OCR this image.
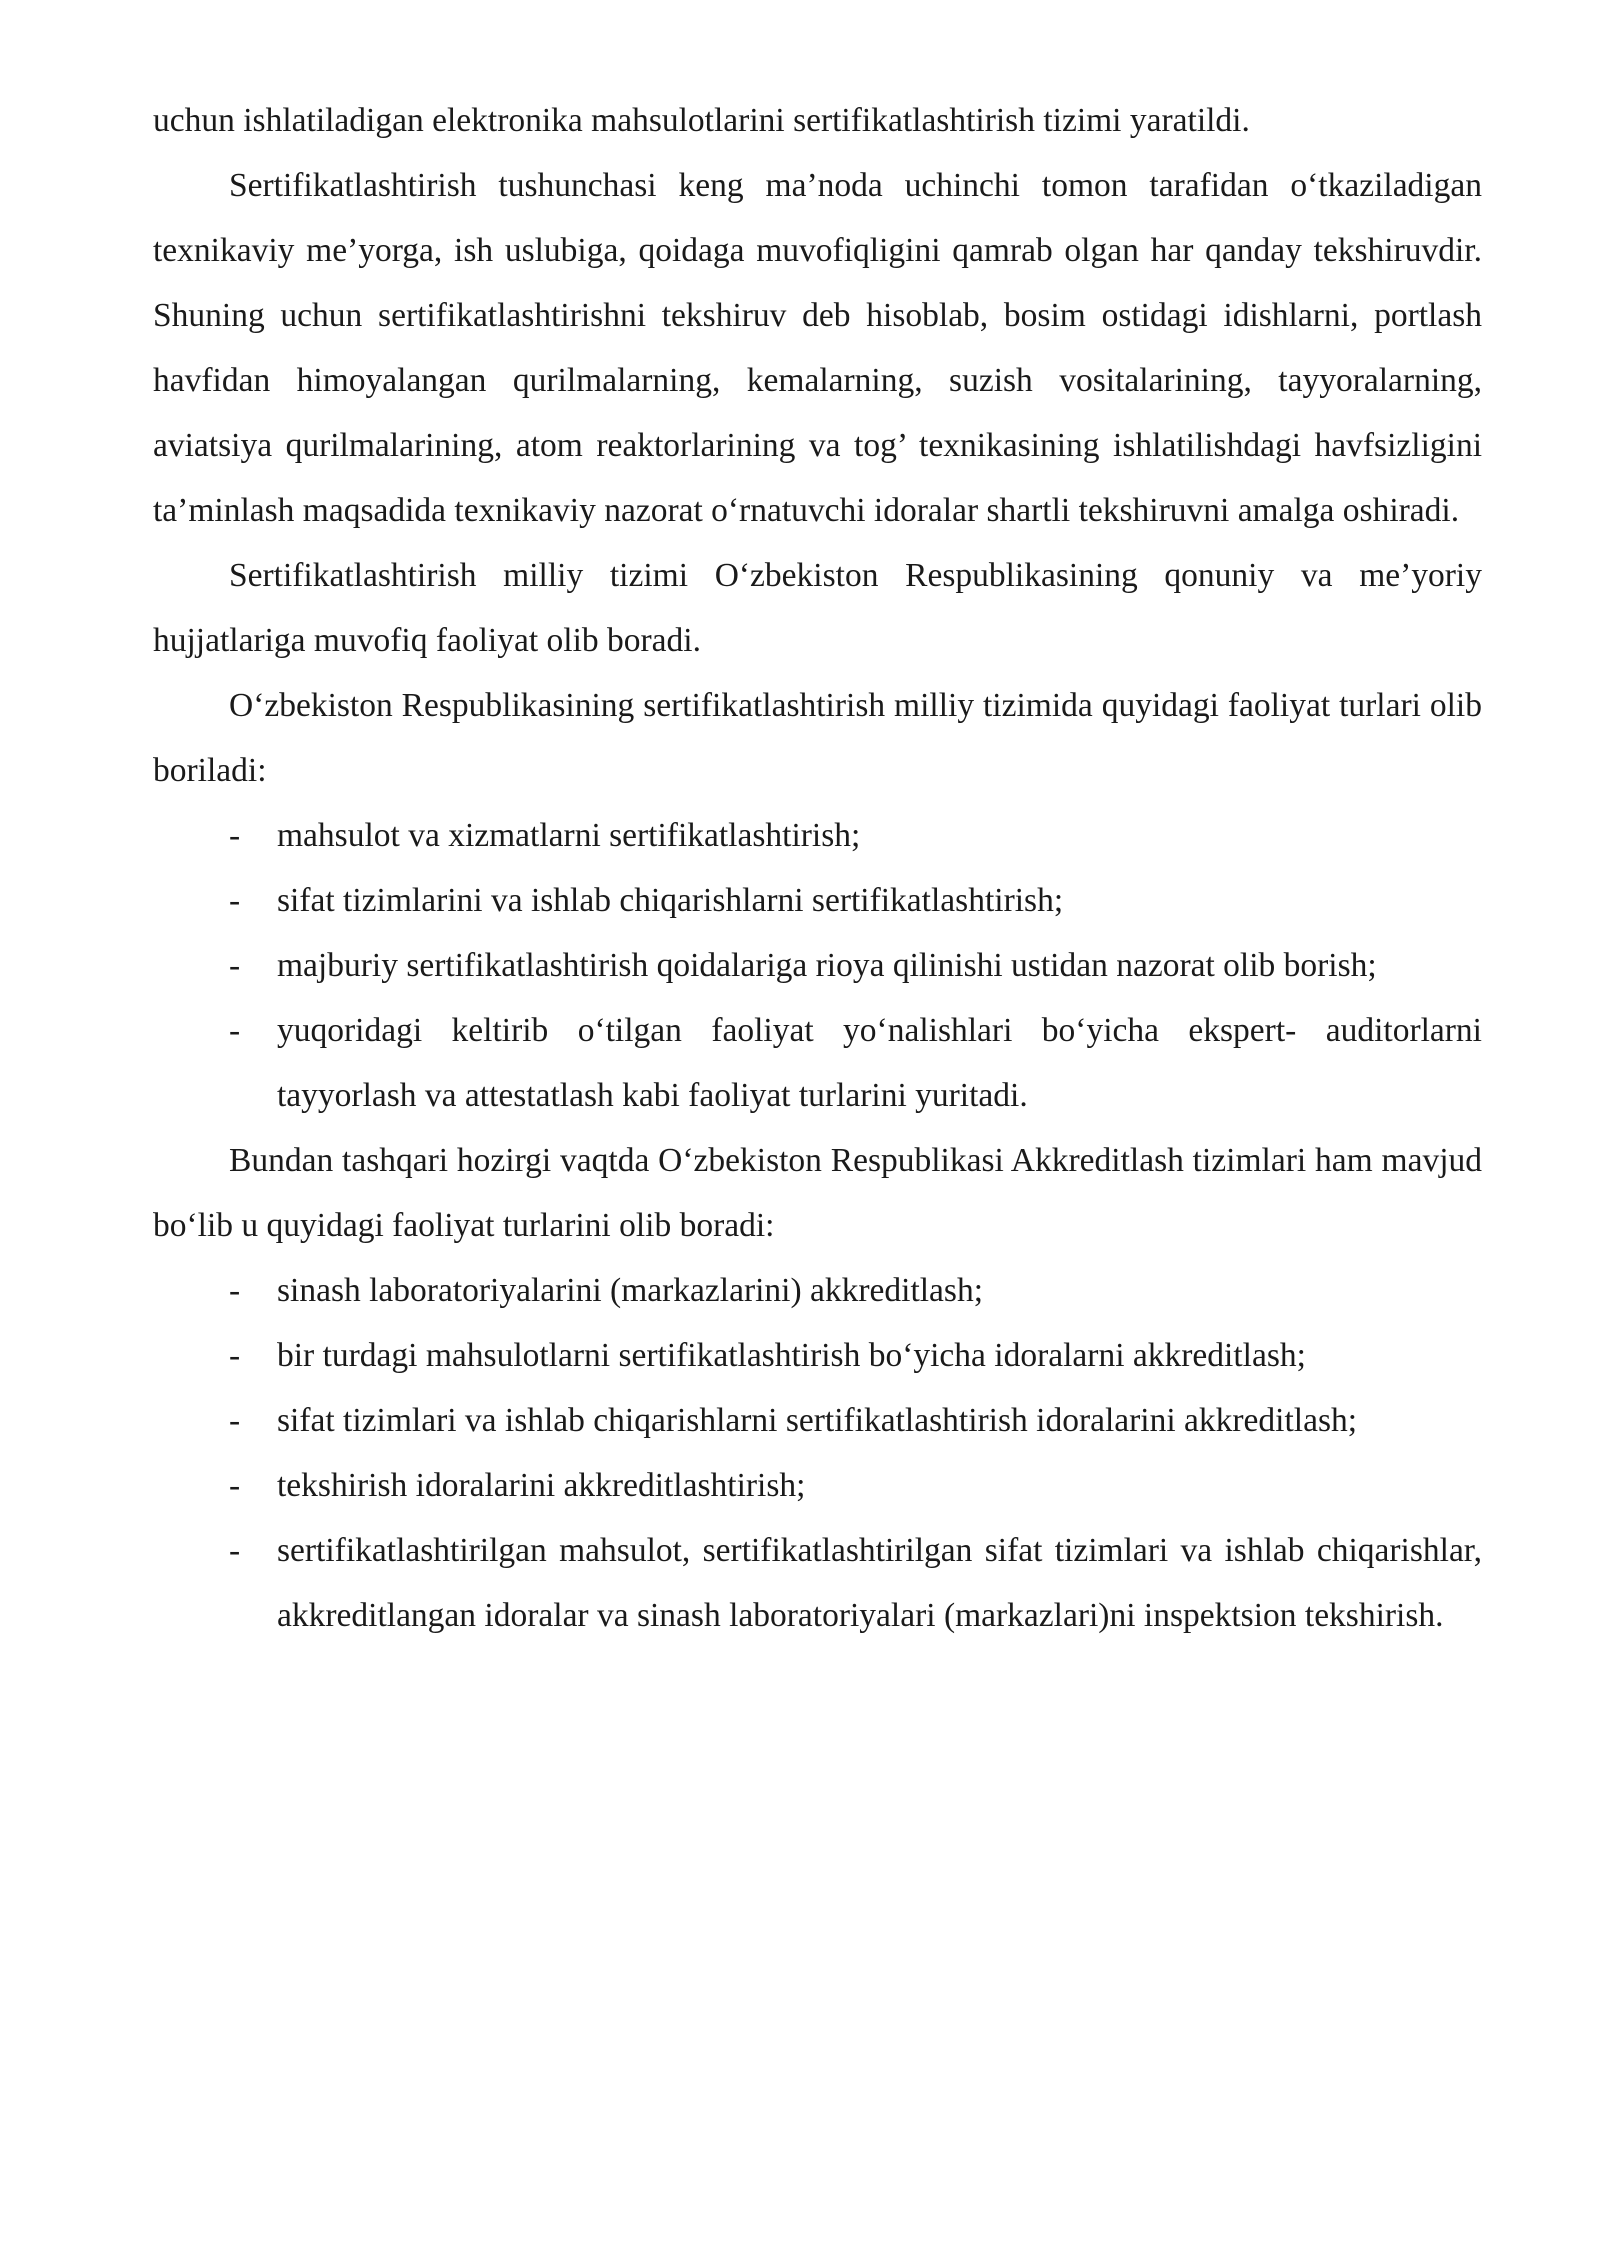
uchun ishlatiladigan elektronika mahsulotlarini sertifikatlashtirish tizimi yaratildi.

Sertifikatlashtirish tushunchasi keng ma’noda uchinchi tomon tarafidan o‘tkaziladigan texnikaviy me’yorga, ish uslubiga, qoidaga muvofiqligini qamrab olgan har qanday tekshiruvdir. Shuning uchun sertifikatlashtirishni tekshiruv deb hisoblab, bosim ostidagi idishlarni, portlash havfidan himoyalangan qurilmalarning, kemalarning, suzish vositalarining, tayyoralarning, aviatsiya qurilmalarining, atom reaktorlarining va tog’ texnikasining ishlatilishdagi havfsizligini ta’minlash maqsadida texnikaviy nazorat o‘rnatuvchi idoralar shartli tekshiruvni amalga oshiradi.

Sertifikatlashtirish milliy tizimi O‘zbekiston Respublikasining qonuniy va me’yoriy hujjatlariga muvofiq faoliyat olib boradi.

O‘zbekiston Respublikasining sertifikatlashtirish milliy tizimida quyidagi faoliyat turlari olib boriladi:

- mahsulot va xizmatlarni sertifikatlashtirish;
- sifat tizimlarini va ishlab chiqarishlarni sertifikatlashtirish;
- majburiy sertifikatlashtirish qoidalariga rioya qilinishi ustidan nazorat olib borish;
- yuqoridagi keltirib o‘tilgan faoliyat yo‘nalishlari bo‘yicha ekspert- auditorlarni tayyorlash va attestatlash kabi faoliyat turlarini yuritadi.

Bundan tashqari hozirgi vaqtda O‘zbekiston Respublikasi Akkreditlash tizimlari ham mavjud bo‘lib u quyidagi faoliyat turlarini olib boradi:

- sinash laboratoriyalarini (markazlarini) akkreditlash;
- bir turdagi mahsulotlarni sertifikatlashtirish bo‘yicha idoralarni akkreditlash;
- sifat tizimlari va ishlab chiqarishlarni sertifikatlashtirish idoralarini akkreditlash;
- tekshirish idoralarini akkreditlashtirish;
- sertifikatlashtirilgan mahsulot, sertifikatlashtirilgan sifat tizimlari va ishlab chiqarishlar, akkreditlangan idoralar va sinash laboratoriyalari (markazlari)ni inspektsion tekshirish.
